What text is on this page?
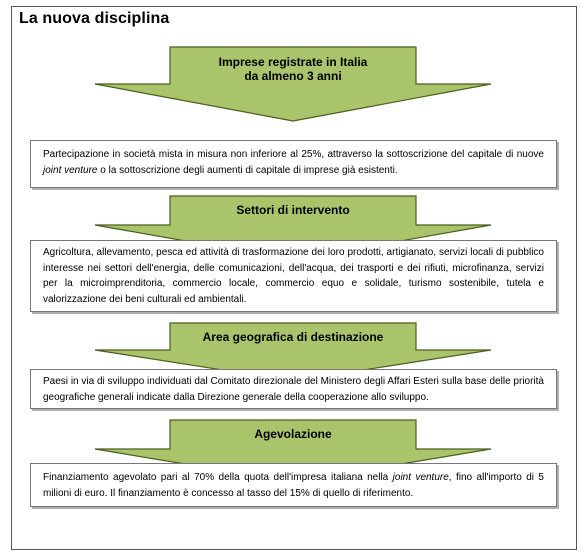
La nuova disciplina
Imprese registrate in Italia
da almeno 3 anni
Partecipazione in società mista in misura non inferiore al 25%, attraverso la sottoscrizione del capitale di nuove joint venture o la sottoscrizione degli aumenti di capitale di imprese già esistenti.
Settori di intervento
Agricoltura, allevamento, pesca ed attività di trasformazione dei loro prodotti, artigianato, servizi locali di pubblico interesse nei settori dell'energia, delle comunicazioni, dell'acqua, dei trasporti e dei rifiuti, microfinanza, servizi per la microimprenditoria, commercio locale, commercio equo e solidale, turismo sostenibile, tutela e valorizzazione dei beni culturali ed ambientali.
Area geografica di destinazione
Paesi in via di sviluppo individuati dal Comitato direzionale del Ministero degli Affari Esteri sulla base delle priorità geografiche generali indicate dalla Direzione generale della cooperazione allo sviluppo.
Agevolazione
Finanziamento agevolato pari al 70% della quota dell'impresa italiana nella joint venture, fino all'importo di 5 milioni di euro. Il finanziamento è concesso al tasso del 15% di quello di riferimento.
